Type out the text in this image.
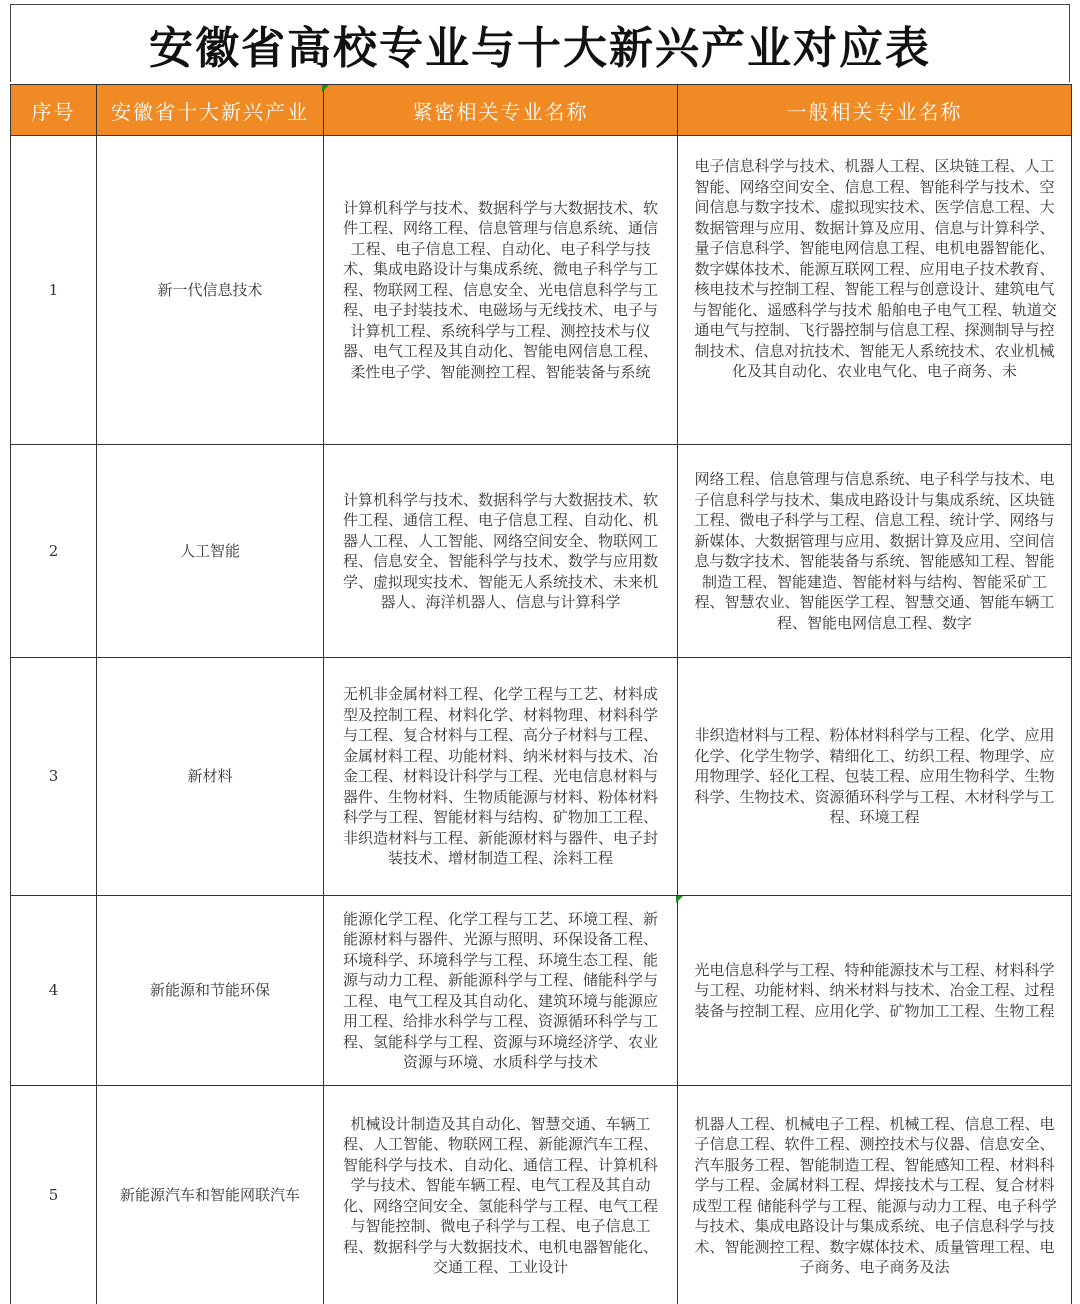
安徽省高校专业与十大新兴产业对应表
序号	安徽省十大新兴产业	紧密相关专业名称	一般相关专业名称
1	新一代信息技术	计算机科学与技术、数据科学与大数据技术、软件工程、网络工程、信息管理与信息系统、通信工程、电子信息工程、自动化、电子科学与技术、集成电路设计与集成系统、微电子科学与工程、物联网工程、信息安全、光电信息科学与工程、电子封装技术、电磁场与无线技术、电子与计算机工程、系统科学与工程、测控技术与仪器、电气工程及其自动化、智能电网信息工程、柔性电子学、智能测控工程、智能装备与系统	电子信息科学与技术、机器人工程、区块链工程、人工智能、网络空间安全、信息工程、智能科学与技术、空间信息与数字技术、虚拟现实技术、医学信息工程、大数据管理与应用、数据计算及应用、信息与计算科学、量子信息科学、智能电网信息工程、电机电器智能化、数字媒体技术、能源互联网工程、应用电子技术教育、核电技术与控制工程、智能工程与创意设计、建筑电气与智能化、遥感科学与技术 船舶电子电气工程、轨道交通电气与控制、飞行器控制与信息工程、探测制导与控制技术、信息对抗技术、智能无人系统技术、农业机械化及其自动化、农业电气化、电子商务、未
2	人工智能	计算机科学与技术、数据科学与大数据技术、软件工程、通信工程、电子信息工程、自动化、机器人工程、人工智能、网络空间安全、物联网工程、信息安全、智能科学与技术、数学与应用数学、虚拟现实技术、智能无人系统技术、未来机器人、海洋机器人、信息与计算科学	网络工程、信息管理与信息系统、电子科学与技术、电子信息科学与技术、集成电路设计与集成系统、区块链工程、微电子科学与工程、信息工程、统计学、网络与新媒体、大数据管理与应用、数据计算及应用、空间信息与数字技术、智能装备与系统、智能感知工程、智能制造工程、智能建造、智能材料与结构、智能采矿工程、智慧农业、智能医学工程、智慧交通、智能车辆工程、智能电网信息工程、数字
3	新材料	无机非金属材料工程、化学工程与工艺、材料成型及控制工程、材料化学、材料物理、材料科学与工程、复合材料与工程、高分子材料与工程、金属材料工程、功能材料、纳米材料与技术、冶金工程、材料设计科学与工程、光电信息材料与器件、生物材料、生物质能源与材料、粉体材料科学与工程、智能材料与结构、矿物加工工程、非织造材料与工程、新能源材料与器件、电子封装技术、增材制造工程、涂料工程	非织造材料与工程、粉体材料科学与工程、化学、应用化学、化学生物学、精细化工、纺织工程、物理学、应用物理学、轻化工程、包装工程、应用生物科学、生物科学、生物技术、资源循环科学与工程、木材科学与工程、环境工程
4	新能源和节能环保	能源化学工程、化学工程与工艺、环境工程、新能源材料与器件、光源与照明、环保设备工程、环境科学、环境科学与工程、环境生态工程、能源与动力工程、新能源科学与工程、储能科学与工程、电气工程及其自动化、建筑环境与能源应用工程、给排水科学与工程、资源循环科学与工程、氢能科学与工程、资源与环境经济学、农业资源与环境、水质科学与技术	光电信息科学与工程、特种能源技术与工程、材料科学与工程、功能材料、纳米材料与技术、冶金工程、过程装备与控制工程、应用化学、矿物加工工程、生物工程
5	新能源汽车和智能网联汽车	机械设计制造及其自动化、智慧交通、车辆工程、人工智能、物联网工程、新能源汽车工程、智能科学与技术、自动化、通信工程、计算机科学与技术、智能车辆工程、电气工程及其自动化、网络空间安全、氢能科学与工程、电气工程与智能控制、微电子科学与工程、电子信息工程、数据科学与大数据技术、电机电器智能化、交通工程、工业设计	机器人工程、机械电子工程、机械工程、信息工程、电子信息工程、软件工程、测控技术与仪器、信息安全、汽车服务工程、智能制造工程、智能感知工程、材料科学与工程、金属材料工程、焊接技术与工程、复合材料成型工程 储能科学与工程、能源与动力工程、电子科学与技术、集成电路设计与集成系统、电子信息科学与技术、智能测控工程、数字媒体技术、质量管理工程、电子商务、电子商务及法
